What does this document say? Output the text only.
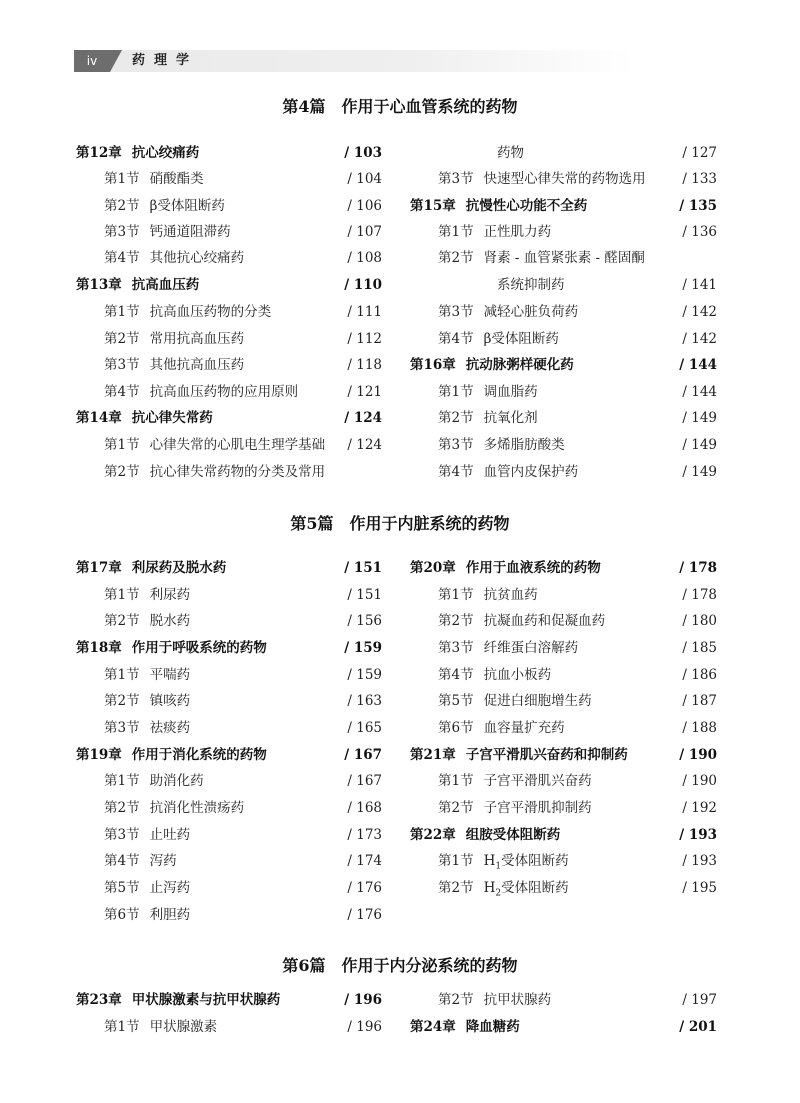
iv	药理学
第4篇　作用于心血管系统的药物
第12章 抗心绞痛药	/ 103
第1节 硝酸酯类	/ 104
第2节 β受体阻断药	/ 106
第3节 钙通道阻滞药	/ 107
第4节 其他抗心绞痛药	/ 108
第13章 抗高血压药	/ 110
第1节 抗高血压药物的分类	/ 111
第2节 常用抗高血压药	/ 112
第3节 其他抗高血压药	/ 118
第4节 抗高血压药物的应用原则	/ 121
第14章 抗心律失常药	/ 124
第1节 心律失常的心肌电生理学基础 / 124
第2节 抗心律失常药物的分类及常用
药物	/ 127
第3节 快速型心律失常的药物选用	/ 133
第15章 抗慢性心功能不全药	/ 135
第1节 正性肌力药	/ 136
第2节 肾素 - 血管紧张素 - 醛固酮
系统抑制药	/ 141
第3节 减轻心脏负荷药	/ 142
第4节 β受体阻断药	/ 142
第16章 抗动脉粥样硬化药	/ 144
第1节 调血脂药	/ 144
第2节 抗氧化剂	/ 149
第3节 多烯脂肪酸类	/ 149
第4节 血管内皮保护药	/ 149
第5篇　作用于内脏系统的药物
第17章 利尿药及脱水药	/ 151
第1节 利尿药	/ 151
第2节 脱水药	/ 156
第18章 作用于呼吸系统的药物	/ 159
第1节 平喘药	/ 159
第2节 镇咳药	/ 163
第3节 祛痰药	/ 165
第19章 作用于消化系统的药物	/ 167
第1节 助消化药	/ 167
第2节 抗消化性溃疡药	/ 168
第3节 止吐药	/ 173
第4节 泻药	/ 174
第5节 止泻药	/ 176
第6节 利胆药	/ 176
第20章 作用于血液系统的药物	/ 178
第1节 抗贫血药	/ 178
第2节 抗凝血药和促凝血药	/ 180
第3节 纤维蛋白溶解药	/ 185
第4节 抗血小板药	/ 186
第5节 促进白细胞增生药	/ 187
第6节 血容量扩充药	/ 188
第21章 子宫平滑肌兴奋药和抑制药	/ 190
第1节 子宫平滑肌兴奋药	/ 190
第2节 子宫平滑肌抑制药	/ 192
第22章 组胺受体阻断药	/ 193
第1节 $H_1$受体阻断药	/ 193
第2节 $H_2$受体阻断药	/ 195
第6篇　作用于内分泌系统的药物
第23章 甲状腺激素与抗甲状腺药	/ 196
第1节 甲状腺激素	/ 196
第2节 抗甲状腺药	/ 197
第24章 降血糖药	/ 201
